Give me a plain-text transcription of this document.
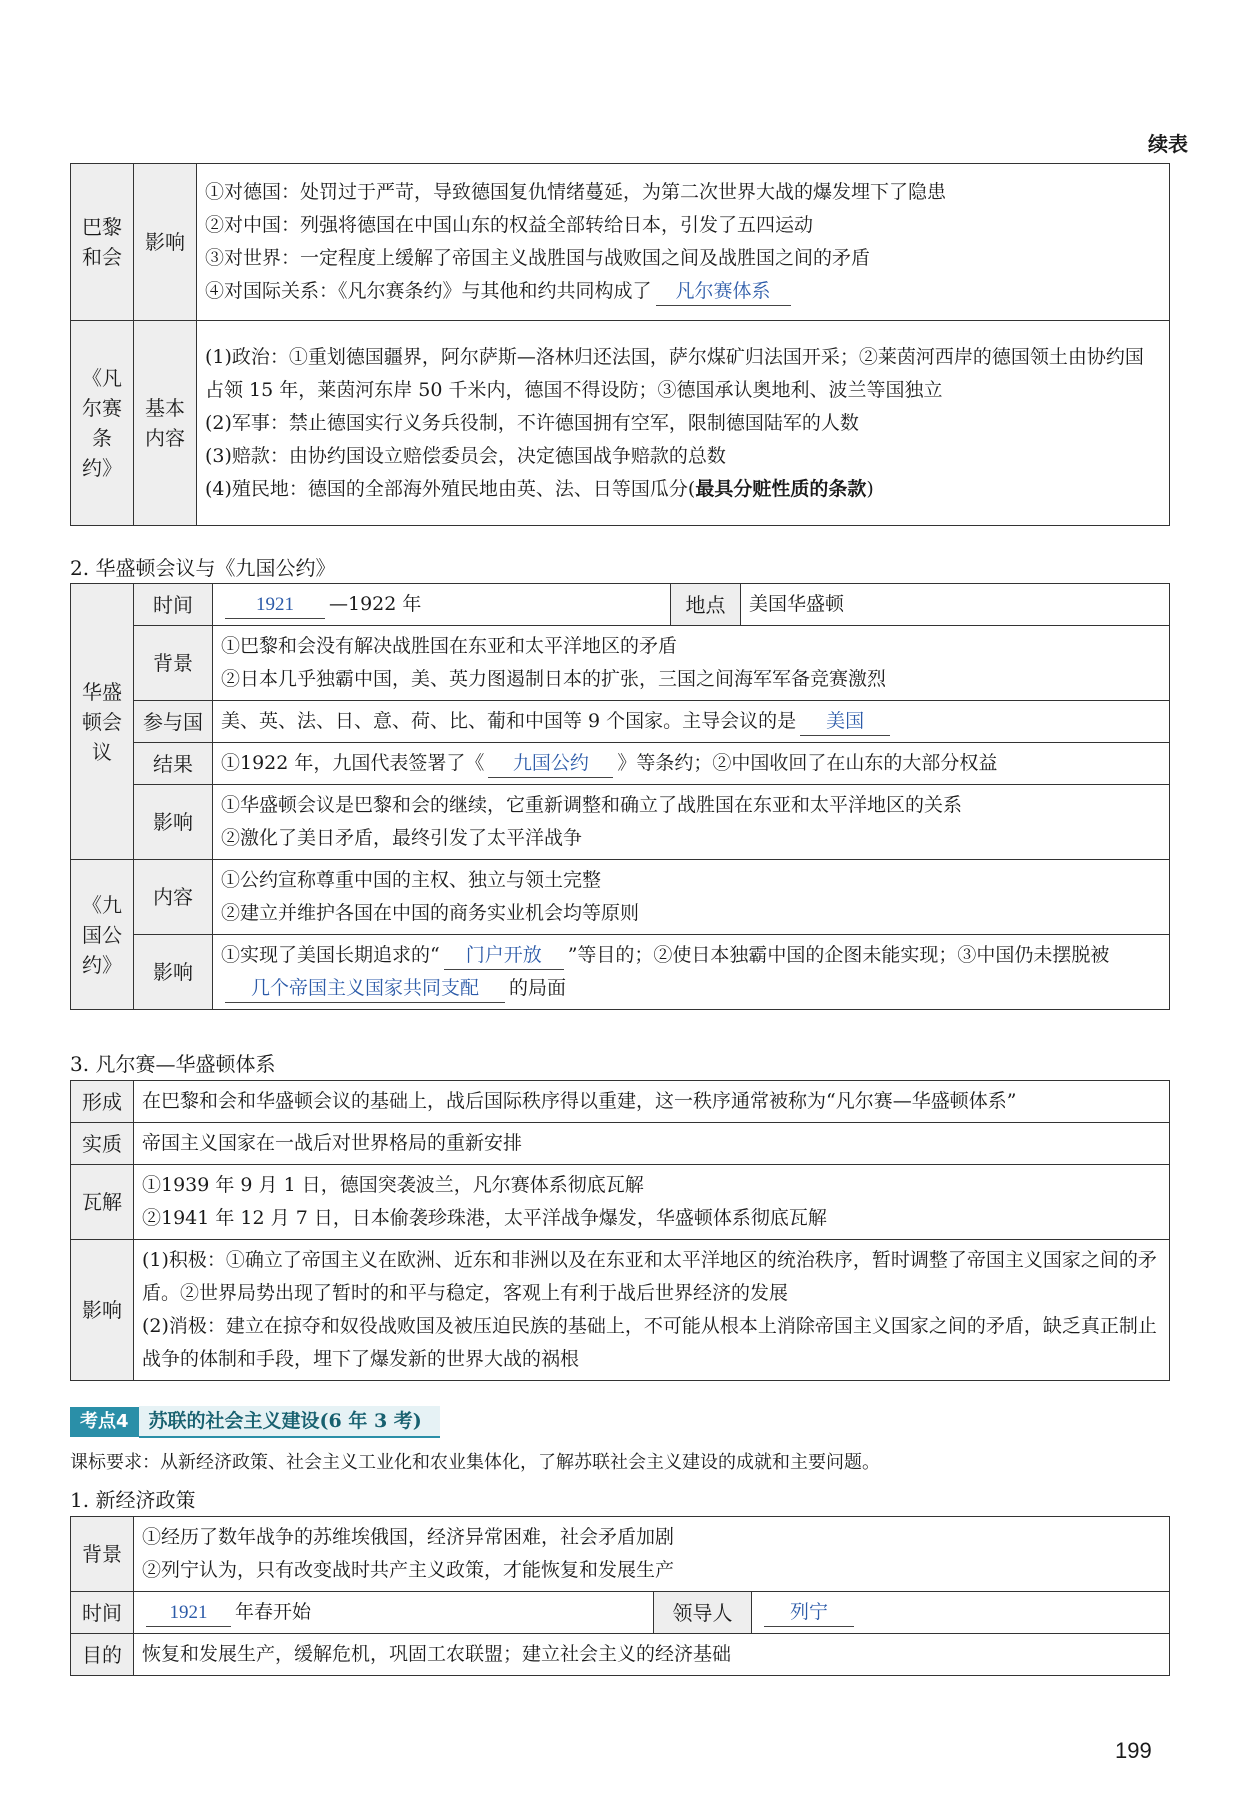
续表
巴黎和会	影响	①对德国：处罚过于严苛，导致德国复仇情绪蔓延，为第二次世界大战的爆发埋下了隐患
②对中国：列强将德国在中国山东的权益全部转给日本，引发了五四运动
③对世界：一定程度上缓解了帝国主义战胜国与战败国之间及战胜国之间的矛盾
④对国际关系：《凡尔赛条约》与其他和约共同构成了 凡尔赛体系

《凡尔赛条约》	基本内容	(1)政治：①重划德国疆界，阿尔萨斯—洛林归还法国，萨尔煤矿归法国开采；②莱茵河西岸的德国领土由协约国占领 15 年，莱茵河东岸 50 千米内，德国不得设防；③德国承认奥地利、波兰等国独立
(2)军事：禁止德国实行义务兵役制，不许德国拥有空军，限制德国陆军的人数
(3)赔款：由协约国设立赔偿委员会，决定德国战争赔款的总数
(4)殖民地：德国的全部海外殖民地由英、法、日等国瓜分(最具分赃性质的条款)
2. 华盛顿会议与《九国公约》
华盛顿会议	时间	1921 —1922 年	地点	美国华盛顿
	背景	①巴黎和会没有解决战胜国在东亚和太平洋地区的矛盾
②日本几乎独霸中国，美、英力图遏制日本的扩张，三国之间海军军备竞赛激烈		

	参与国	美、英、法、日、意、荷、比、葡和中国等 9 个国家。主导会议的是 美国		
	结果	①1922 年，九国代表签署了《 九国公约 》等条约；②中国收回了在山东的大部分权益		
	影响	①华盛顿会议是巴黎和会的继续，它重新调整和确立了战胜国在东亚和太平洋地区的关系
②激化了美日矛盾，最终引发了太平洋战争		

《九国公约》	内容	①公约宣称尊重中国的主权、独立与领土完整
②建立并维护各国在中国的商务实业机会均等原则		

	影响	①实现了美国长期追求的“ 门户开放 ”等目的；②使日本独霸中国的企图未能实现；③中国仍未摆脱被几个帝国主义国家共同支配 的局面		
3. 凡尔赛—华盛顿体系
形成	在巴黎和会和华盛顿会议的基础上，战后国际秩序得以重建，这一秩序通常被称为“凡尔赛—华盛顿体系”
实质	帝国主义国家在一战后对世界格局的重新安排
瓦解	①1939 年 9 月 1 日，德国突袭波兰，凡尔赛体系彻底瓦解
②1941 年 12 月 7 日，日本偷袭珍珠港，太平洋战争爆发，华盛顿体系彻底瓦解

影响	(1)积极：①确立了帝国主义在欧洲、近东和非洲以及在东亚和太平洋地区的统治秩序，暂时调整了帝国主义国家之间的矛盾。②世界局势出现了暂时的和平与稳定，客观上有利于战后世界经济的发展
(2)消极：建立在掠夺和奴役战败国及被压迫民族的基础上，不可能从根本上消除帝国主义国家之间的矛盾，缺乏真正制止战争的体制和手段，埋下了爆发新的世界大战的祸根
考点4	苏联的社会主义建设(6 年 3 考)
课标要求：从新经济政策、社会主义工业化和农业集体化，了解苏联社会主义建设的成就和主要问题。
1. 新经济政策
背景	①经历了数年战争的苏维埃俄国，经济异常困难，社会矛盾加剧
②列宁认为，只有改变战时共产主义政策，才能恢复和发展生产		

时间	1921 年春开始	领导人	列宁
目的	恢复和发展生产，缓解危机，巩固工农联盟；建立社会主义的经济基础		
199
